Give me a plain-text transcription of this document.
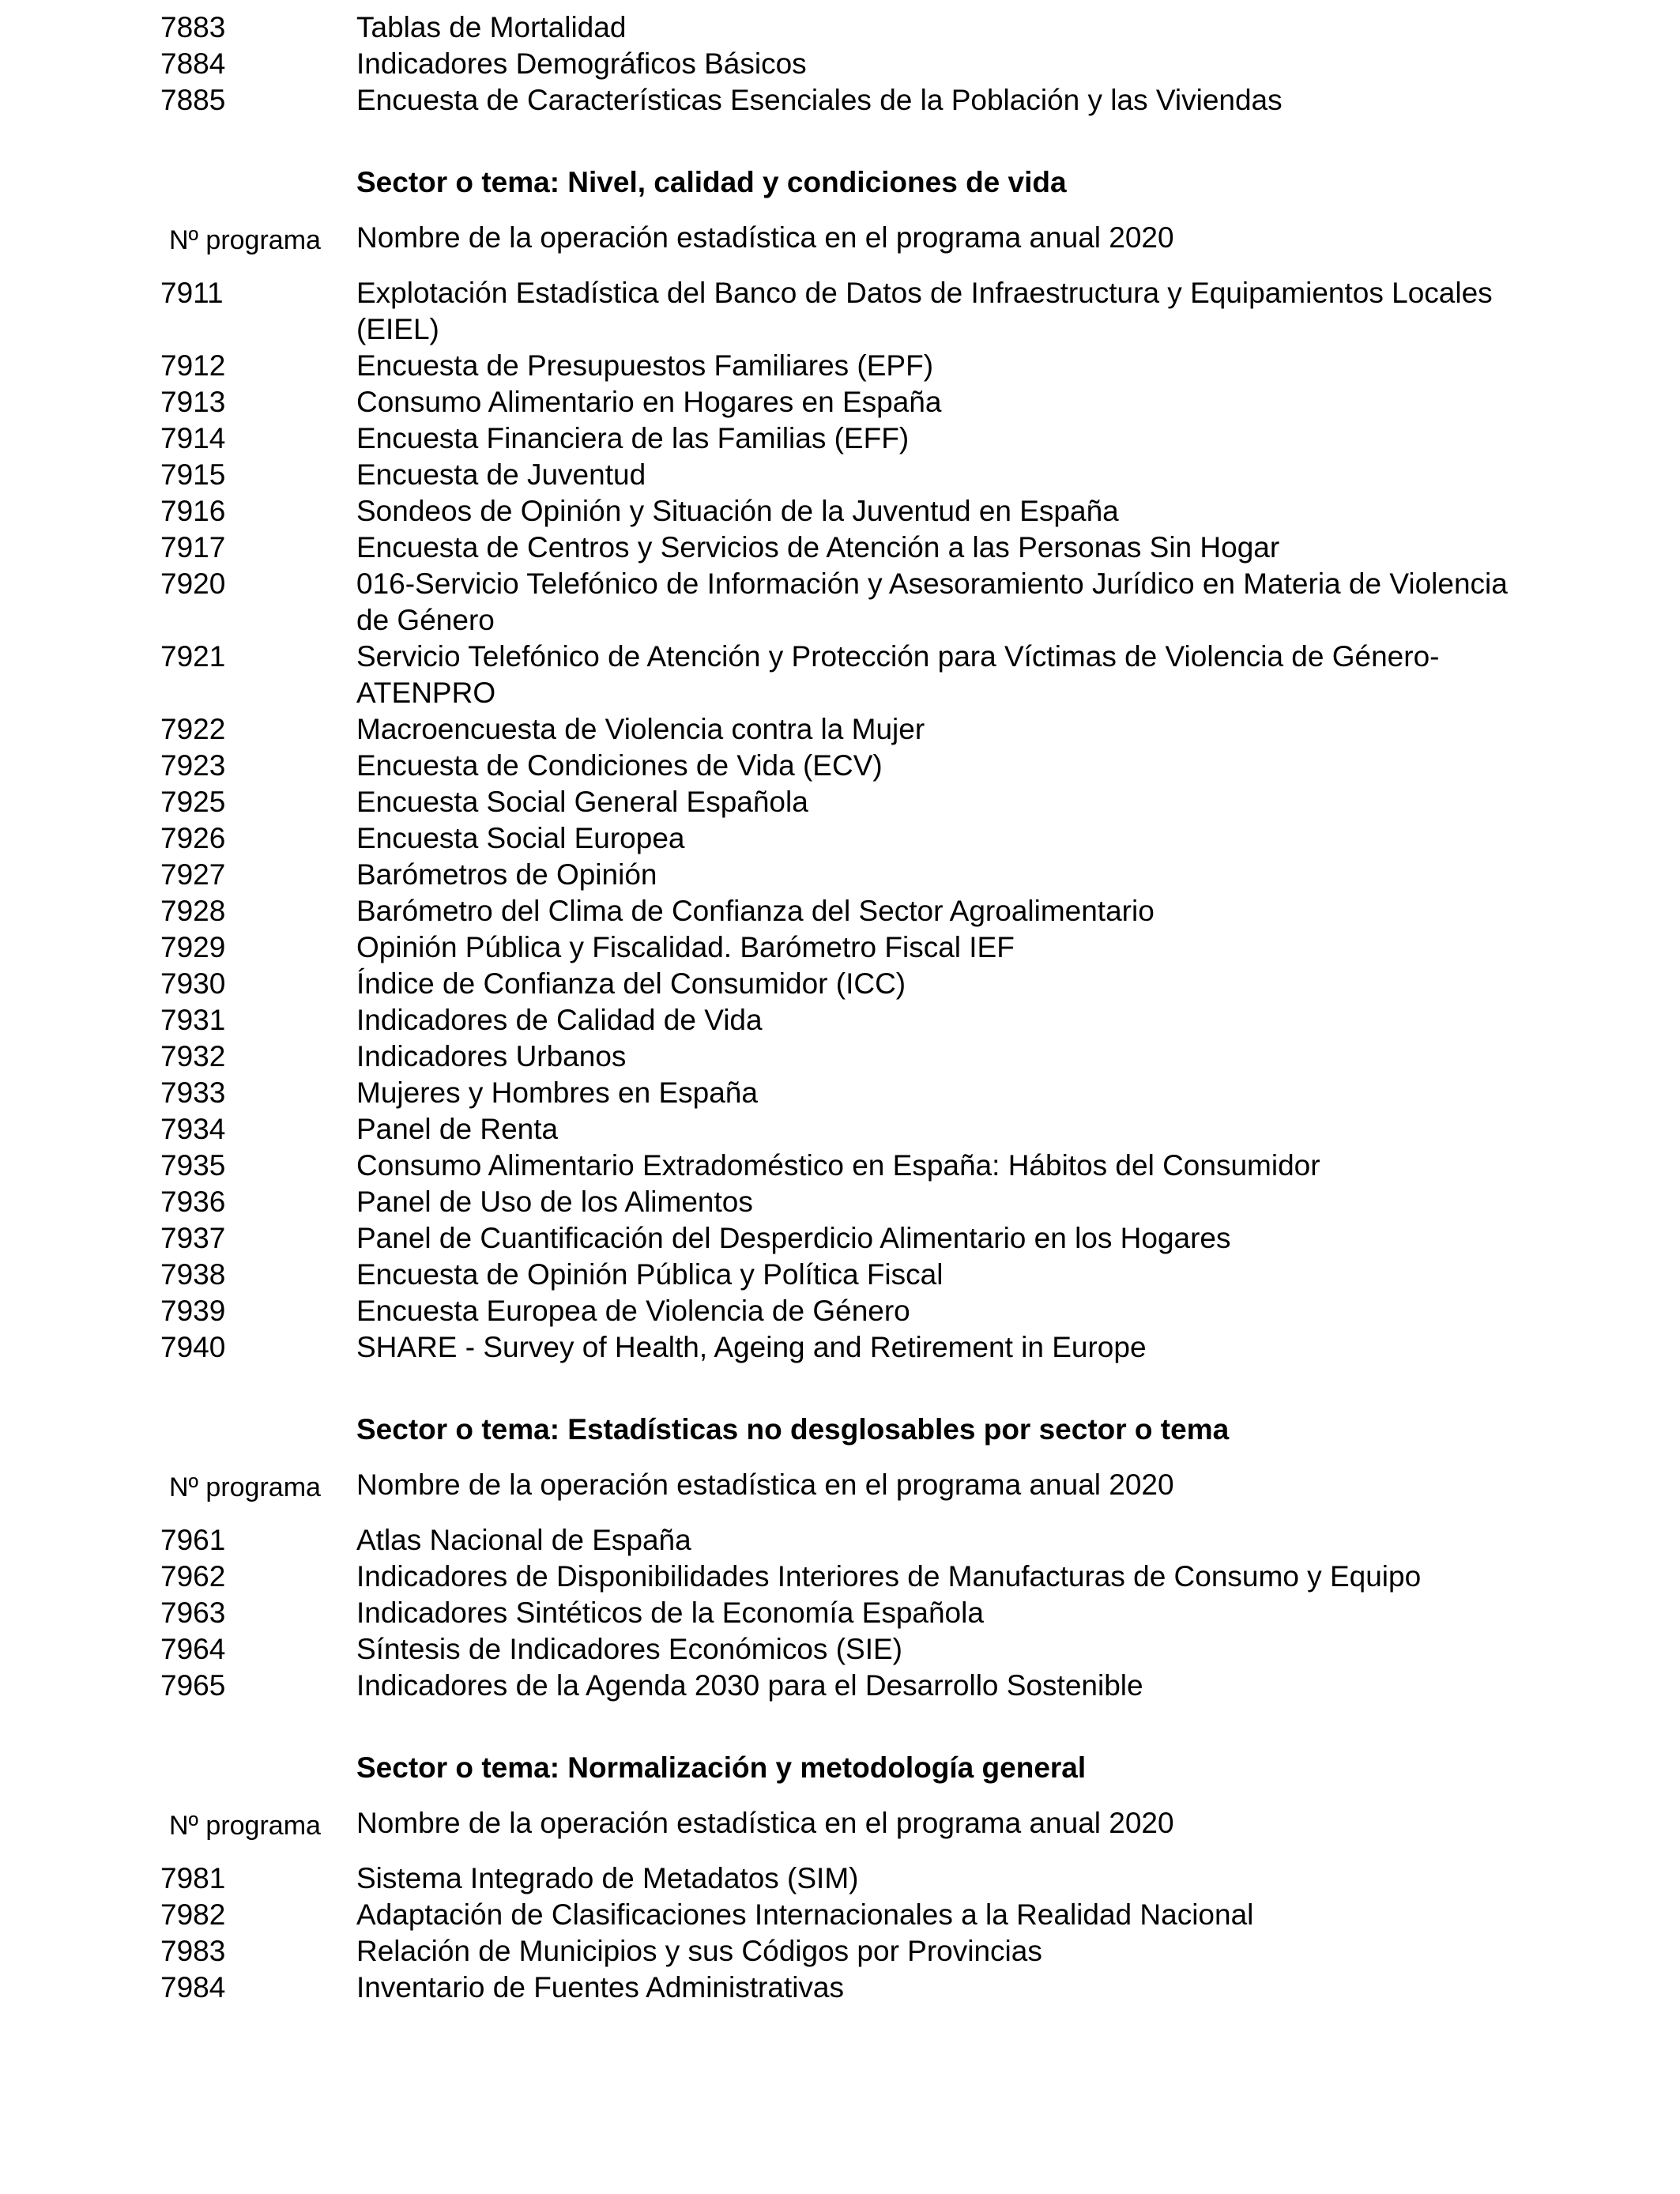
7883	Tablas de Mortalidad
7884	Indicadores Demográficos Básicos
7885	Encuesta de Características Esenciales de la Población y las Viviendas
Sector o tema: Nivel, calidad y condiciones de vida
Nº programa Nombre de la operación estadística en el programa anual 2020
7911	Explotación Estadística del Banco de Datos de Infraestructura y Equipamientos Locales (EIEL)
7912	Encuesta de Presupuestos Familiares (EPF)
7913	Consumo Alimentario en Hogares en España
7914	Encuesta Financiera de las Familias (EFF)
7915	Encuesta de Juventud
7916	Sondeos de Opinión y Situación de la Juventud en España
7917	Encuesta de Centros y Servicios de Atención a las Personas Sin Hogar
7920	016-Servicio Telefónico de Información y Asesoramiento Jurídico en Materia de Violencia de Género
7921	Servicio Telefónico de Atención y Protección para Víctimas de Violencia de Género- ATENPRO
7922	Macroencuesta de Violencia contra la Mujer
7923	Encuesta de Condiciones de Vida (ECV)
7925	Encuesta Social General Española
7926	Encuesta Social Europea
7927	Barómetros de Opinión
7928	Barómetro del Clima de Confianza del Sector Agroalimentario
7929	Opinión Pública y Fiscalidad. Barómetro Fiscal IEF
7930	Índice de Confianza del Consumidor (ICC)
7931	Indicadores de Calidad de Vida
7932	Indicadores Urbanos
7933	Mujeres y Hombres en España
7934	Panel de Renta
7935	Consumo Alimentario Extradoméstico en España: Hábitos del Consumidor
7936	Panel de Uso de los Alimentos
7937	Panel de Cuantificación del Desperdicio Alimentario en los Hogares
7938	Encuesta de Opinión Pública y Política Fiscal
7939	Encuesta Europea de Violencia de Género
7940	SHARE - Survey of Health, Ageing and Retirement in Europe
Sector o tema: Estadísticas no desglosables por sector o tema
Nº programa Nombre de la operación estadística en el programa anual 2020
7961	Atlas Nacional de España
7962	Indicadores de Disponibilidades Interiores de Manufacturas de Consumo y Equipo
7963	Indicadores Sintéticos de la Economía Española
7964	Síntesis de Indicadores Económicos (SIE)
7965	Indicadores de la Agenda 2030 para el Desarrollo Sostenible
Sector o tema: Normalización y metodología general
Nº programa Nombre de la operación estadística en el programa anual 2020
7981	Sistema Integrado de Metadatos (SIM)
7982	Adaptación de Clasificaciones Internacionales a la Realidad Nacional
7983	Relación de Municipios y sus Códigos por Provincias
7984	Inventario de Fuentes Administrativas
